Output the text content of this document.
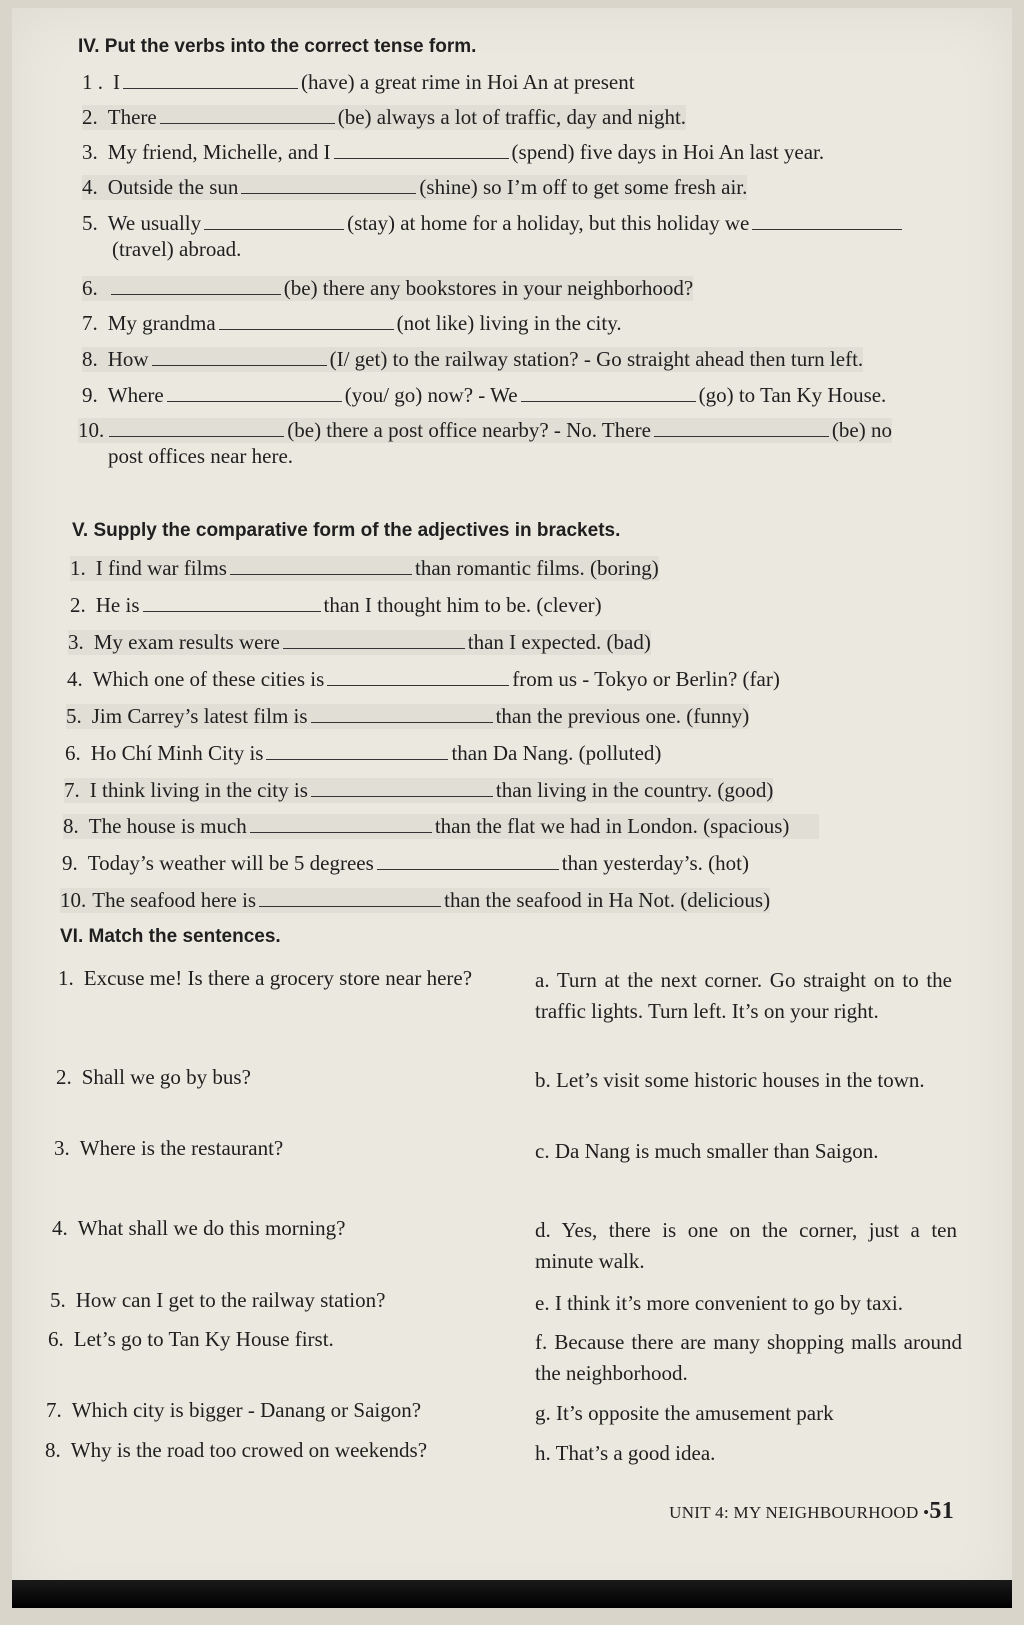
IV. Put the verbs into the correct tense form.
1 . I	(have) a great rime in Hoi An at present
2. There	(be) always a lot of traffic, day and night.
3. My friend, Michelle, and I	(spend) five days in Hoi An last year.
4. Outside the sun	(shine) so I’m off to get some fresh air.
5. We usually	(stay) at home for a holiday, but this holiday we
(travel) abroad.
6.	(be) there any bookstores in your neighborhood?
7. My grandma	(not like) living in the city.
8. How	(I/ get) to the railway station? - Go straight ahead then turn left.
9. Where	(you/ go) now? - We	(go) to Tan Ky House.
10.	(be) there a post office nearby? - No. There	(be) no
post offices near here.
V. Supply the comparative form of the adjectives in brackets.
1. I find war films	than romantic films. (boring)
2. He is	than I thought him to be. (clever)
3. My exam results were	than I expected. (bad)
4. Which one of these cities is	from us - Tokyo or Berlin? (far)
5. Jim Carrey’s latest film is	than the previous one. (funny)
6. Ho Chí Minh City is	than Da Nang. (polluted)
7. I think living in the city is	than living in the country. (good)
8. The house is much	than the flat we had in London. (spacious)
9. Today’s weather will be 5 degrees	than yesterday’s. (hot)
10. The seafood here is	than the seafood in Ha Not. (delicious)
VI. Match the sentences.
1. Excuse me! Is there a grocery store near here?
2. Shall we go by bus?
3. Where is the restaurant?
4. What shall we do this morning?
5. How can I get to the railway station?
6. Let’s go to Tan Ky House first.
7. Which city is bigger - Danang or Saigon?
8. Why is the road too crowed on weekends?
a. Turn at the next corner. Go straight on to the traffic lights. Turn left. It’s on your right.
b. Let’s visit some historic houses in the town.
c. Da Nang is much smaller than Saigon.
d. Yes, there is one on the corner, just a ten minute walk.
e. I think it’s more convenient to go by taxi.
f. Because there are many shopping malls around the neighborhood.
g. It’s opposite the amusement park
h. That’s a good idea.
UNIT 4: MY NEIGHBOURHOOD •51
